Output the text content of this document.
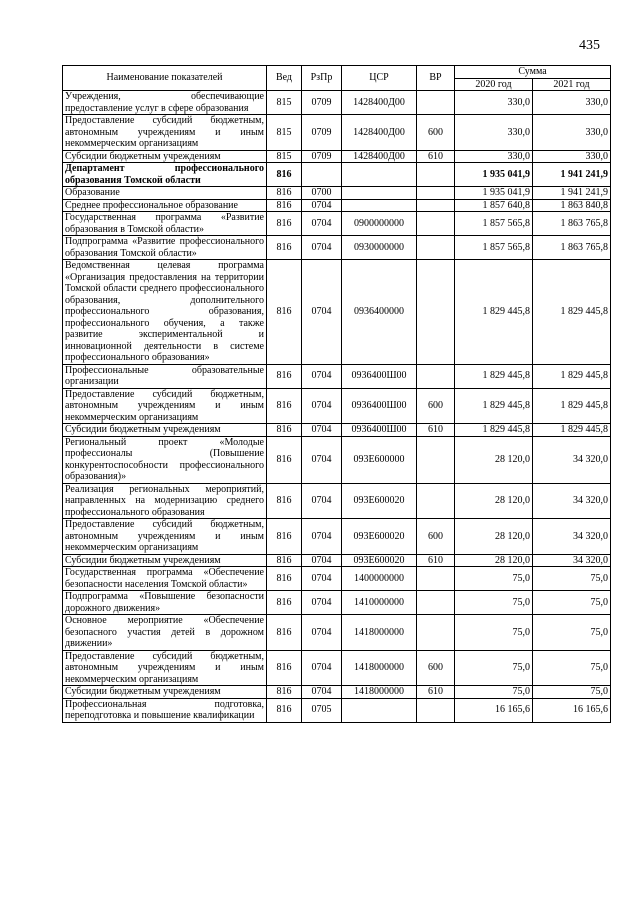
435
Наименование показателей	Вед	РзПр	ЦСР	ВР	Сумма	
					2020 год	2021 год
Учреждения, обеспечивающие предоставление услуг в сфере образования	815	0709	1428400Д00		330,0	330,0
Предоставление субсидий бюджетным, автономным учреждениям и иным некоммерческим организациям	815	0709	1428400Д00	600	330,0	330,0
Субсидии бюджетным учреждениям	815	0709	1428400Д00	610	330,0	330,0
Департамент профессионального образования Томской области	816				1 935 041,9	1 941 241,9
Образование	816	0700			1 935 041,9	1 941 241,9
Среднее профессиональное образование	816	0704			1 857 640,8	1 863 840,8
Государственная программа «Развитие образования в Томской области»	816	0704	0900000000		1 857 565,8	1 863 765,8
Подпрограмма «Развитие профессионального образования Томской области»	816	0704	0930000000		1 857 565,8	1 863 765,8
Ведомственная целевая программа «Организация предоставления на территории Томской области среднего профессионального образования, дополнительного профессионального образования, профессионального обучения, а также развитие экспериментальной и инновационной деятельности в системе профессионального образования»	816	0704	0936400000		1 829 445,8	1 829 445,8
Профессиональные образовательные организации	816	0704	0936400Ш00		1 829 445,8	1 829 445,8
Предоставление субсидий бюджетным, автономным учреждениям и иным некоммерческим организациям	816	0704	0936400Ш00	600	1 829 445,8	1 829 445,8
Субсидии бюджетным учреждениям	816	0704	0936400Ш00	610	1 829 445,8	1 829 445,8
Региональный проект «Молодые профессионалы (Повышение конкурентоспособности профессионального образования)»	816	0704	093Е600000		28 120,0	34 320,0
Реализация региональных мероприятий, направленных на модернизацию среднего профессионального образования	816	0704	093Е600020		28 120,0	34 320,0
Предоставление субсидий бюджетным, автономным учреждениям и иным некоммерческим организациям	816	0704	093Е600020	600	28 120,0	34 320,0
Субсидии бюджетным учреждениям	816	0704	093Е600020	610	28 120,0	34 320,0
Государственная программа «Обеспечение безопасности населения Томской области»	816	0704	1400000000		75,0	75,0
Подпрограмма «Повышение безопасности дорожного движения»	816	0704	1410000000		75,0	75,0
Основное мероприятие «Обеспечение безопасного участия детей в дорожном движении»	816	0704	1418000000		75,0	75,0
Предоставление субсидий бюджетным, автономным учреждениям и иным некоммерческим организациям	816	0704	1418000000	600	75,0	75,0
Субсидии бюджетным учреждениям	816	0704	1418000000	610	75,0	75,0
Профессиональная подготовка, переподготовка и повышение квалификации	816	0705			16 165,6	16 165,6
